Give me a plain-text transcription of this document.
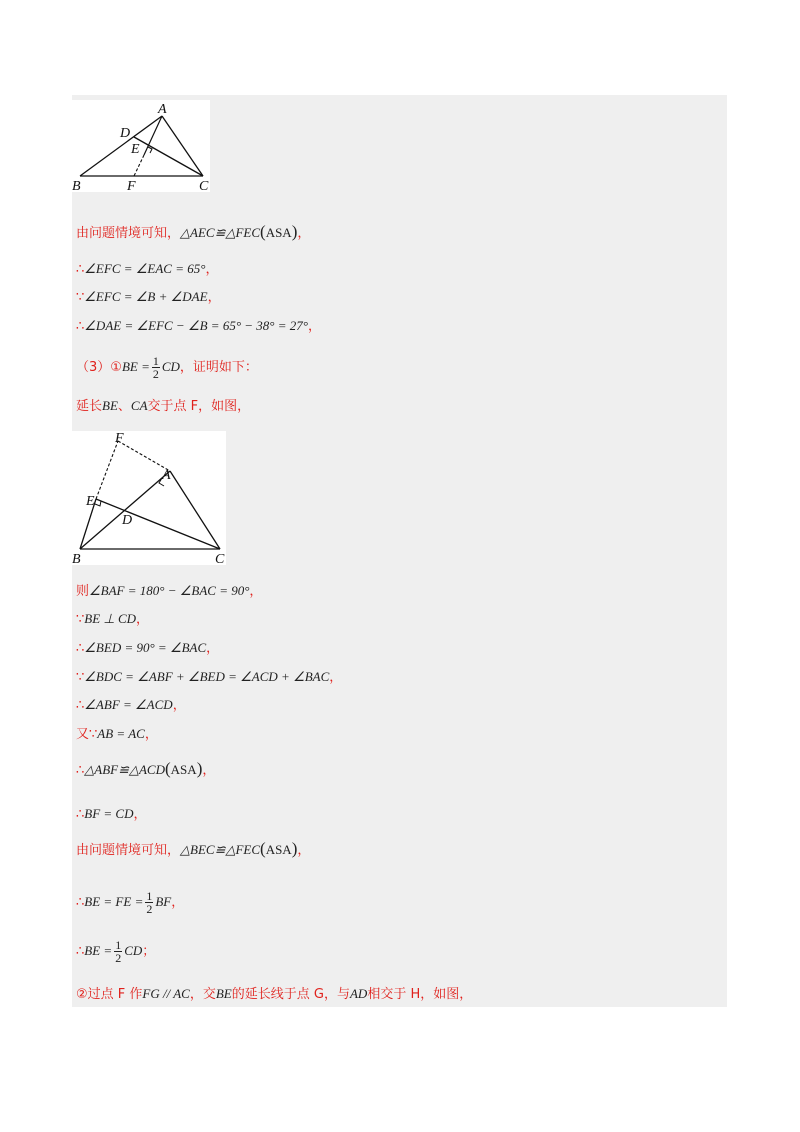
A
D
E
B	F	C
由问题情境可知，△AEC≌△FEC(ASA)，
∴∠EFC = ∠EAC = 65°，
∵∠EFC = ∠B + ∠DAE，
∴∠DAE = ∠EFC − ∠B = 65° − 38° = 27°，
（3）①BE = $\frac{1}{2}$ CD，证明如下：
延长BE、CA交于点 F，如图，
F
A
E
D
B	C
则∠BAF = 180° − ∠BAC = 90°，
∵BE ⊥ CD，
∴∠BED = 90° = ∠BAC，
∵∠BDC = ∠ABF + ∠BED = ∠ACD + ∠BAC，
∴∠ABF = ∠ACD，
又∵AB = AC，
∴△ABF≌△ACD(ASA)，
∴BF = CD，
由问题情境可知，△BEC≌△FEC(ASA)，
∴BE = FE = $\frac{1}{2}$ BF，
∴BE = $\frac{1}{2}$ CD；
②过点 F 作FG // AC，交BE的延长线于点 G，与AD相交于 H，如图，
